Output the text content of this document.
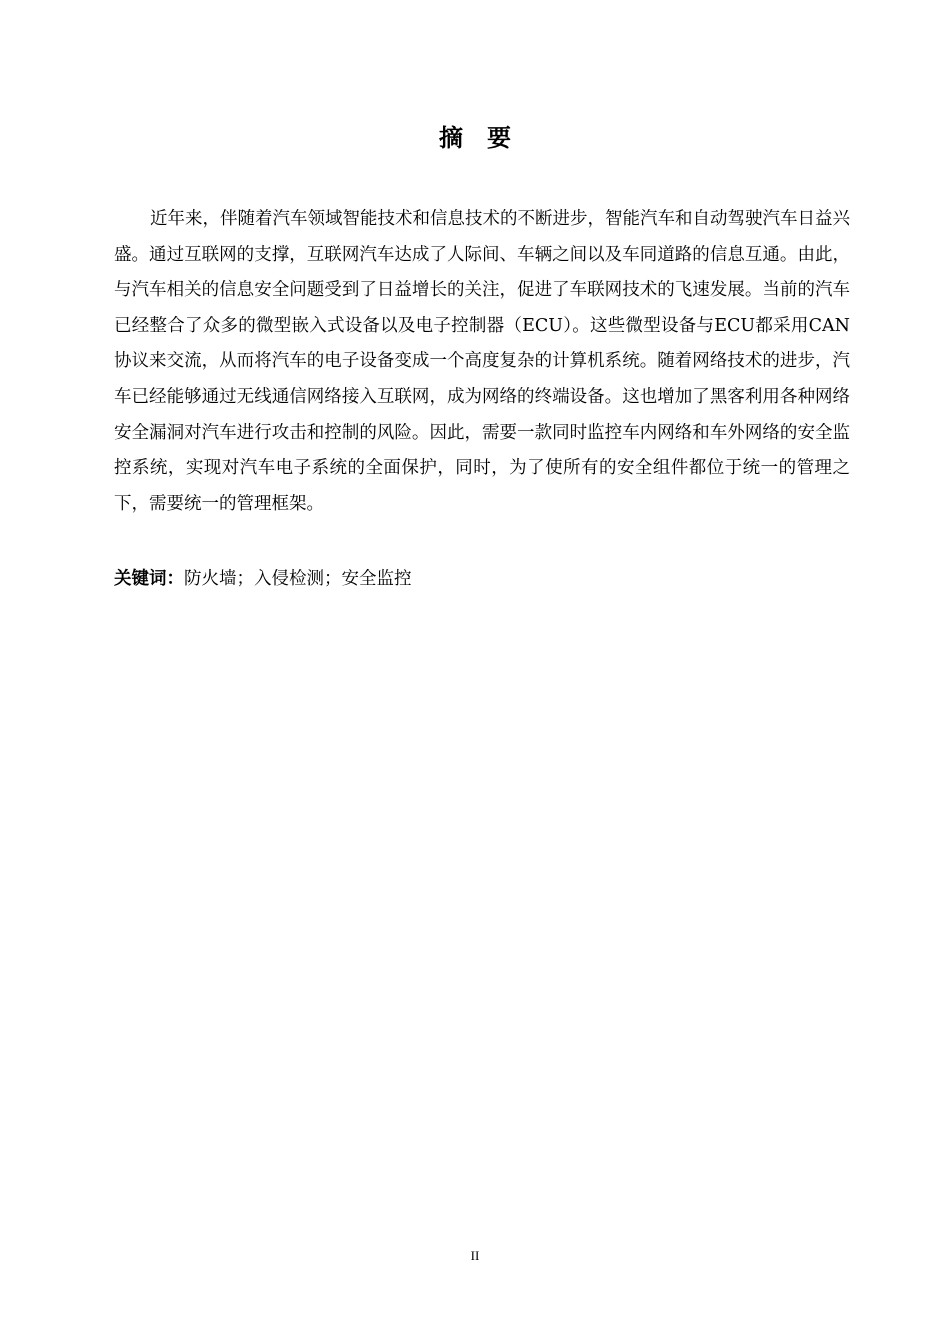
摘要

近年来，伴随着汽车领域智能技术和信息技术的不断进步，智能汽车和自动驾驶汽车日益兴盛。通过互联网的支撑，互联网汽车达成了人际间、车辆之间以及车同道路的信息互通。由此，与汽车相关的信息安全问题受到了日益增长的关注，促进了车联网技术的飞速发展。当前的汽车已经整合了众多的微型嵌入式设备以及电子控制器（ECU）。这些微型设备与ECU都采用CAN协议来交流，从而将汽车的电子设备变成一个高度复杂的计算机系统。随着网络技术的进步，汽车已经能够通过无线通信网络接入互联网，成为网络的终端设备。这也增加了黑客利用各种网络安全漏洞对汽车进行攻击和控制的风险。因此，需要一款同时监控车内网络和车外网络的安全监控系统，实现对汽车电子系统的全面保护，同时，为了使所有的安全组件都位于统一的管理之下，需要统一的管理框架。

关键词：防火墙；入侵检测；安全监控
II
